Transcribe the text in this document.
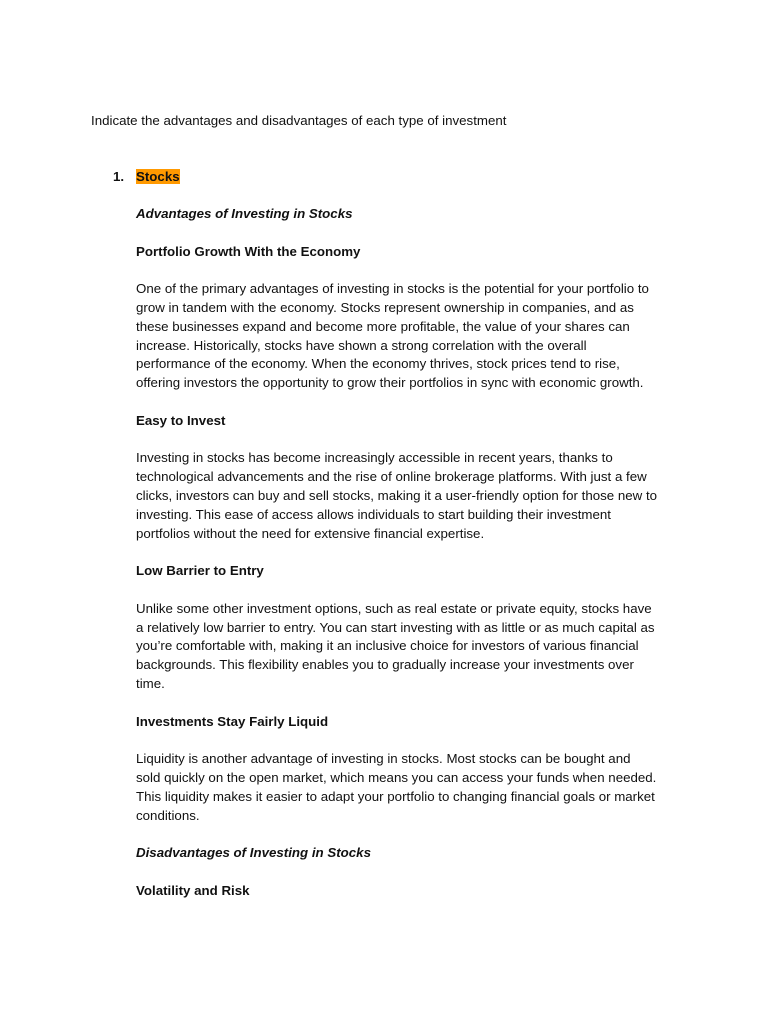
Indicate the advantages and disadvantages of each type of investment
1. Stocks

Advantages of Investing in Stocks

Portfolio Growth With the Economy

One of the primary advantages of investing in stocks is the potential for your portfolio to
grow in tandem with the economy. Stocks represent ownership in companies, and as
these businesses expand and become more profitable, the value of your shares can
increase. Historically, stocks have shown a strong correlation with the overall
performance of the economy. When the economy thrives, stock prices tend to rise,
offering investors the opportunity to grow their portfolios in sync with economic growth.

Easy to Invest

Investing in stocks has become increasingly accessible in recent years, thanks to
technological advancements and the rise of online brokerage platforms. With just a few
clicks, investors can buy and sell stocks, making it a user-friendly option for those new to
investing. This ease of access allows individuals to start building their investment
portfolios without the need for extensive financial expertise.

Low Barrier to Entry

Unlike some other investment options, such as real estate or private equity, stocks have
a relatively low barrier to entry. You can start investing with as little or as much capital as
you’re comfortable with, making it an inclusive choice for investors of various financial
backgrounds. This flexibility enables you to gradually increase your investments over
time.

Investments Stay Fairly Liquid

Liquidity is another advantage of investing in stocks. Most stocks can be bought and
sold quickly on the open market, which means you can access your funds when needed.
This liquidity makes it easier to adapt your portfolio to changing financial goals or market
conditions.

Disadvantages of Investing in Stocks

Volatility and Risk
